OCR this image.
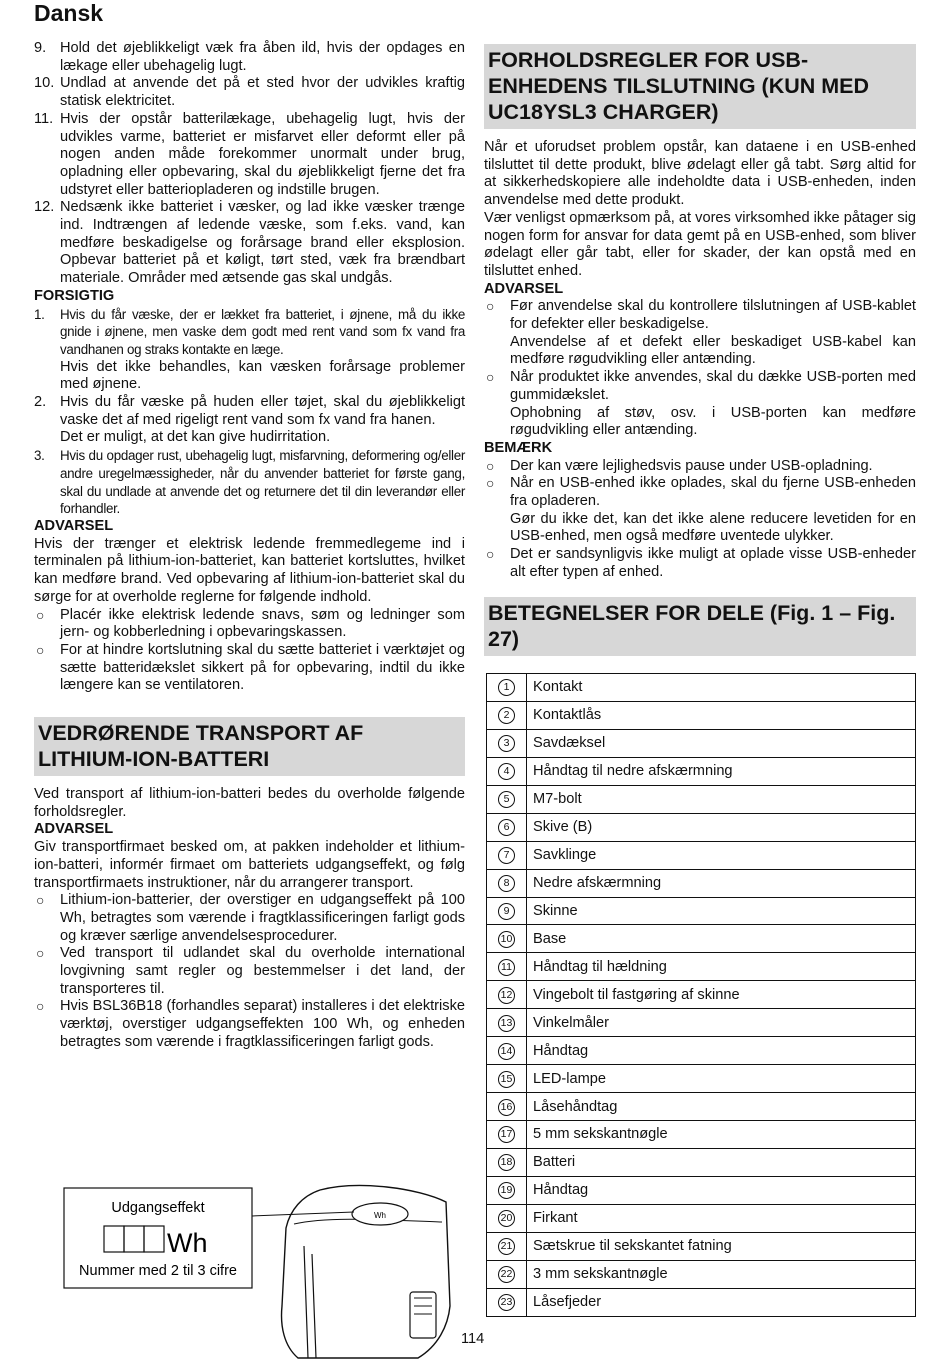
Dansk
9. Hold det øjeblikkeligt væk fra åben ild, hvis der opdages en lækage eller ubehagelig lugt.
10. Undlad at anvende det på et sted hvor der udvikles kraftig statisk elektricitet.
11. Hvis der opstår batterilækage, ubehagelig lugt, hvis der udvikles varme, batteriet er misfarvet eller deformt eller på nogen anden måde forekommer unormalt under brug, opladning eller opbevaring, skal du øjeblikkeligt fjerne det fra udstyret eller batteriopladeren og indstille brugen.
12. Nedsænk ikke batteriet i væsker, og lad ikke væsker trænge ind. Indtrængen af ledende væske, som f.eks. vand, kan medføre beskadigelse og forårsage brand eller eksplosion. Opbevar batteriet på et køligt, tørt sted, væk fra brændbart materiale. Områder med ætsende gas skal undgås.
FORSIGTIG
1.	Hvis du får væske, der er lækket fra batteriet, i øjnene, må du ikke gnide i øjnene, men vaske dem godt med rent vand som fx vand fra vandhanen og straks kontakte en læge.
Hvis det ikke behandles, kan væsken forårsage problemer med øjnene.
2. Hvis du får væske på huden eller tøjet, skal du øjeblikkeligt vaske det af med rigeligt rent vand som fx vand fra hanen.
Det er muligt, at det kan give hudirritation.
3.	Hvis du opdager rust, ubehagelig lugt, misfarvning, deformering og/eller andre uregelmæssigheder, når du anvender batteriet for første gang, skal du undlade at anvende det og returnere det til din leverandør eller forhandler.
ADVARSEL
Hvis der trænger et elektrisk ledende fremmedlegeme ind i terminalen på lithium-ion-batteriet, kan batteriet kortsluttes, hvilket kan medføre brand. Ved opbevaring af lithium-ion-batteriet skal du sørge for at overholde reglerne for følgende indhold.
○	Placér ikke elektrisk ledende snavs, søm og ledninger som jern- og kobberledning i opbevaringskassen.
○	For at hindre kortslutning skal du sætte batteriet i værktøjet og sætte batteridækslet sikkert på for opbevaring, indtil du ikke længere kan se ventilatoren.
VEDRØRENDE TRANSPORT AF LITHIUM-ION-BATTERI
Ved transport af lithium-ion-batteri bedes du overholde følgende forholdsregler.
ADVARSEL
Giv transportfirmaet besked om, at pakken indeholder et lithium-ion-batteri, informér firmaet om batteriets udgangseffekt, og følg transportfirmaets instruktioner, når du arrangerer transport.
○	Lithium-ion-batterier, der overstiger en udgangseffekt på 100 Wh, betragtes som værende i fragtklassificeringen farligt gods og kræver særlige anvendelsesprocedurer.
○	Ved transport til udlandet skal du overholde international lovgivning samt regler og bestemmelser i det land, der transporteres til.
○	Hvis BSL36B18 (forhandles separat) installeres i det elektriske værktøj, overstiger udgangseffekten 100 Wh, og enheden betragtes som værende i fragtklassificeringen farligt gods.
Udgangseffekt
Wh
Nummer med 2 til 3 cifre
Wh
FORHOLDSREGLER FOR USB-ENHEDENS TILSLUTNING (KUN MED UC18YSL3 CHARGER)
Når et uforudset problem opstår, kan dataene i en USB-enhed tilsluttet til dette produkt, blive ødelagt eller gå tabt. Sørg altid for at sikkerhedskopiere alle indeholdte data i USB-enheden, inden anvendelse med dette produkt.
Vær venligst opmærksom på, at vores virksomhed ikke påtager sig nogen form for ansvar for data gemt på en USB-enhed, som bliver ødelagt eller går tabt, eller for skader, der kan opstå med en tilsluttet enhed.
ADVARSEL
○	Før anvendelse skal du kontrollere tilslutningen af USB-kablet for defekter eller beskadigelse.
Anvendelse af et defekt eller beskadiget USB-kabel kan medføre røgudvikling eller antænding.
○	Når produktet ikke anvendes, skal du dække USB-porten med gummidækslet.
Ophobning af støv, osv. i USB-porten kan medføre røgudvikling eller antænding.
BEMÆRK
○	Der kan være lejlighedsvis pause under USB-opladning.
○	Når en USB-enhed ikke oplades, skal du fjerne USB-enheden fra opladeren.
Gør du ikke det, kan det ikke alene reducere levetiden for en USB-enhed, men også medføre uventede ulykker.
○	Det er sandsynligvis ikke muligt at oplade visse USB-enheder alt efter typen af enhed.
BETEGNELSER FOR DELE (Fig. 1 – Fig. 27)
1	Kontakt
2	Kontaktlås
3	Savdæksel
4	Håndtag til nedre afskærmning
5	M7-bolt
6	Skive (B)
7	Savklinge
8	Nedre afskærmning
9	Skinne
10	Base
11	Håndtag til hældning
12	Vingebolt til fastgøring af skinne
13	Vinkelmåler
14	Håndtag
15	LED-lampe
16	Låsehåndtag
17	5 mm sekskantnøgle
18	Batteri
19	Håndtag
20	Firkant
21	Sætskrue til sekskantet fatning
22	3 mm sekskantnøgle
23	Låsefjeder
114
